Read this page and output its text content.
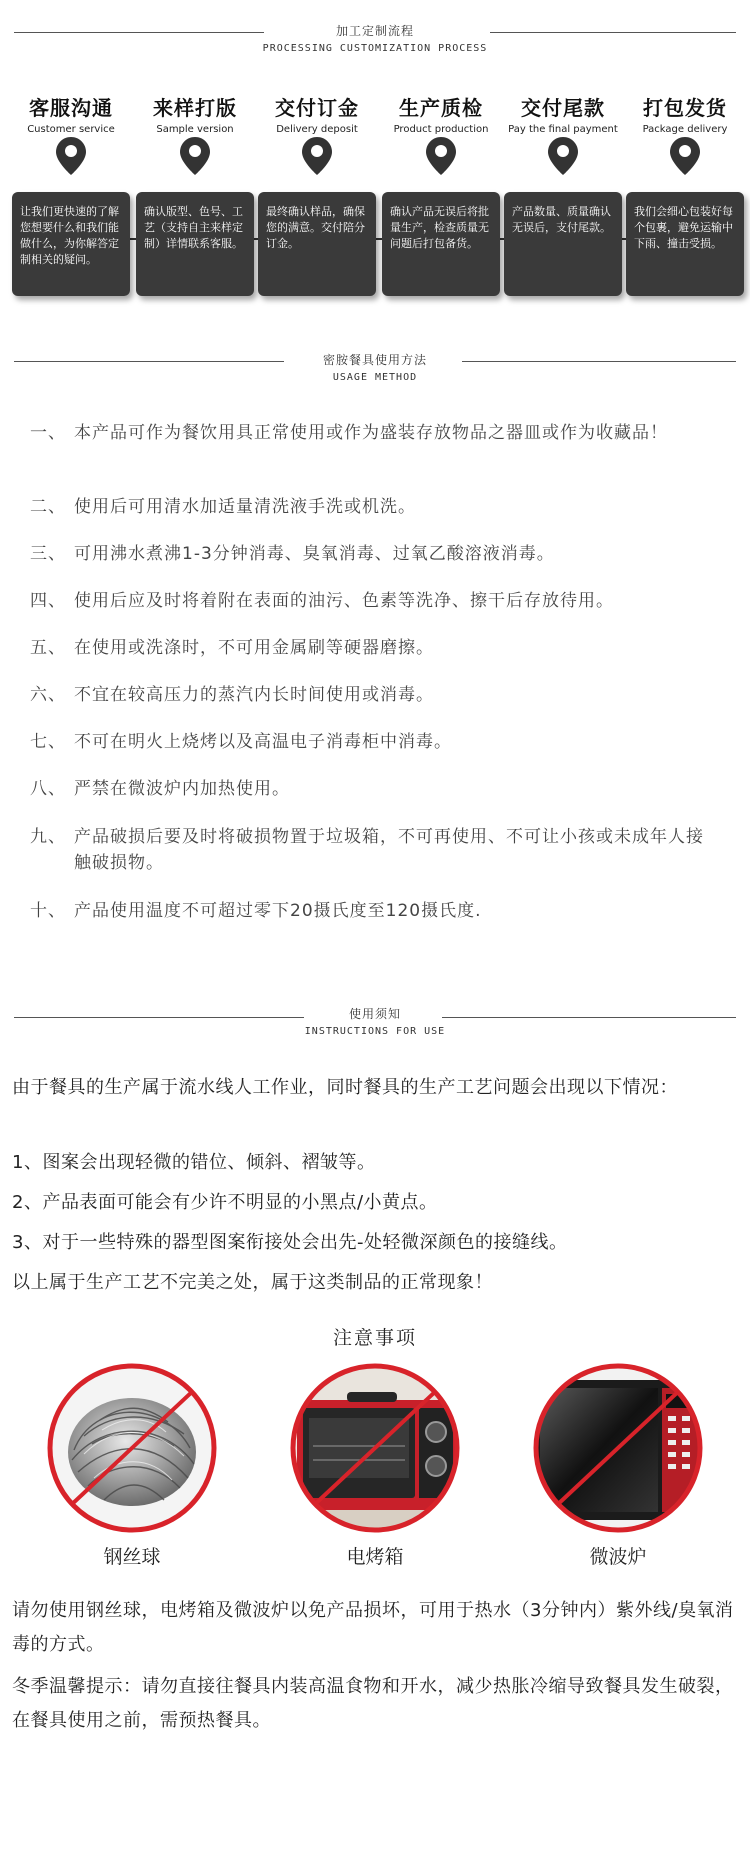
加工定制流程
PROCESSING CUSTOMIZATION PROCESS
客服沟通
Customer service
让我们更快速的了解您想要什么和我们能做什么，为你解答定制相关的疑问。
来样打版
Sample version
确认版型、色号、工艺（支持自主来样定制）详情联系客服。
交付订金
Delivery deposit
最终确认样品，确保您的满意。交付陪分订金。
生产质检
Product production
确认产品无误后将批量生产，检查质量无问题后打包备货。
交付尾款
Pay the final payment
产品数量、质量确认无误后，支付尾款。
打包发货
Package delivery
我们会细心包装好每个包裹，避免运输中下雨、撞击受损。
密胺餐具使用方法
USAGE METHOD
一、 本产品可作为餐饮用具正常使用或作为盛装存放物品之器皿或作为收藏品！
二、 使用后可用清水加适量清洗液手洗或机洗。
三、 可用沸水煮沸1-3分钟消毒、臭氧消毒、过氧乙酸溶液消毒。
四、 使用后应及时将着附在表面的油污、色素等洗净、擦干后存放待用。
五、 在使用或洗涤时，不可用金属刷等硬器磨擦。
六、 不宜在较高压力的蒸汽内长时间使用或消毒。
七、 不可在明火上烧烤以及高温电子消毒柜中消毒。
八、 严禁在微波炉内加热使用。
九、 产品破损后要及时将破损物置于垃圾箱，不可再使用、不可让小孩或未成年人接触破损物。
十、 产品使用温度不可超过零下20摄氏度至120摄氏度.
使用须知
INSTRUCTIONS FOR USE
由于餐具的生产属于流水线人工作业，同时餐具的生产工艺问题会出现以下情况：
1、图案会出现轻微的错位、倾斜、褶皱等。
2、产品表面可能会有少许不明显的小黑点/小黄点。
3、对于一些特殊的器型图案衔接处会出先-处轻微深颜色的接缝线。
以上属于生产工艺不完美之处，属于这类制品的正常现象！
注意事项
钢丝球	电烤箱	微波炉
请勿使用钢丝球，电烤箱及微波炉以免产品损坏，可用于热水（3分钟内）紫外线/臭氧消毒的方式。
冬季温馨提示：请勿直接往餐具内装高温食物和开水，减少热胀冷缩导致餐具发生破裂，在餐具使用之前，需预热餐具。
